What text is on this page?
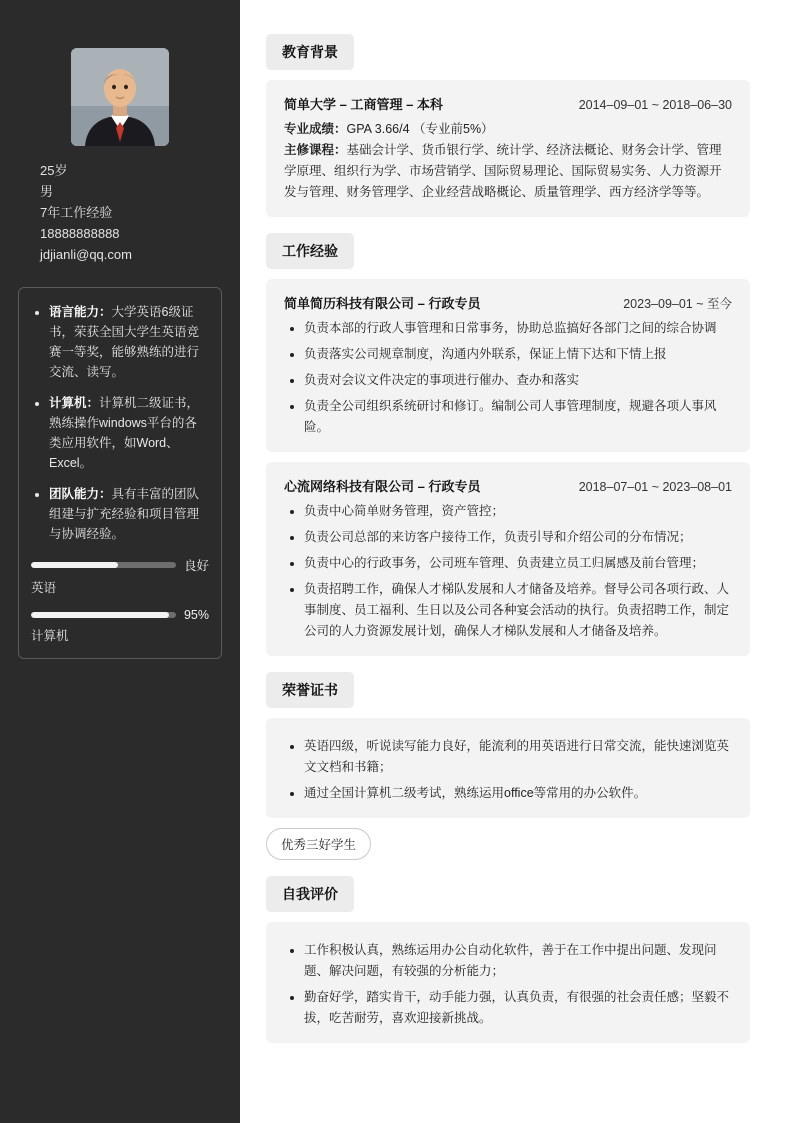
25岁
男
7年工作经验
18888888888
jdjianli@qq.com
• 语言能力：大学英语6级证书，荣获全国大学生英语竞赛一等奖，能够熟练的进行交流、读写。
• 计算机：计算机二级证书，熟练操作windows平台的各类应用软件，如Word、Excel。
• 团队能力：具有丰富的团队组建与扩充经验和项目管理与协调经验。
良好
英语
95%
计算机
教育背景
简单大学 – 工商管理 – 本科	2014–09–01 ~ 2018–06–30
专业成绩：GPA 3.66/4 （专业前5%）
主修课程：基础会计学、货币银行学、统计学、经济法概论、财务会计学、管理学原理、组织行为学、市场营销学、国际贸易理论、国际贸易实务、人力资源开发与管理、财务管理学、企业经营战略概论、质量管理学、西方经济学等等。
工作经验
简单简历科技有限公司 – 行政专员	2023–09–01 ~ 至今
• 负责本部的行政人事管理和日常事务，协助总监搞好各部门之间的综合协调
• 负责落实公司规章制度，沟通内外联系，保证上情下达和下情上报
• 负责对会议文件决定的事项进行催办、查办和落实
• 负责全公司组织系统研讨和修订。编制公司人事管理制度，规避各项人事风险。
心流网络科技有限公司 – 行政专员	2018–07–01 ~ 2023–08–01
• 负责中心简单财务管理，资产管控；
• 负责公司总部的来访客户接待工作，负责引导和介绍公司的分布情况；
• 负责中心的行政事务，公司班车管理、负责建立员工归属感及前台管理；
• 负责招聘工作，确保人才梯队发展和人才储备及培养。督导公司各项行政、人事制度、员工福利、生日以及公司各种宴会活动的执行。负责招聘工作，制定公司的人力资源发展计划，确保人才梯队发展和人才储备及培养。
荣誉证书
• 英语四级，听说读写能力良好，能流利的用英语进行日常交流，能快速浏览英文文档和书籍；
• 通过全国计算机二级考试，熟练运用office等常用的办公软件。
优秀三好学生
自我评价
• 工作积极认真，熟练运用办公自动化软件，善于在工作中提出问题、发现问题、解决问题，有较强的分析能力；
• 勤奋好学，踏实肯干，动手能力强，认真负责，有很强的社会责任感；坚毅不拔，吃苦耐劳，喜欢迎接新挑战。
